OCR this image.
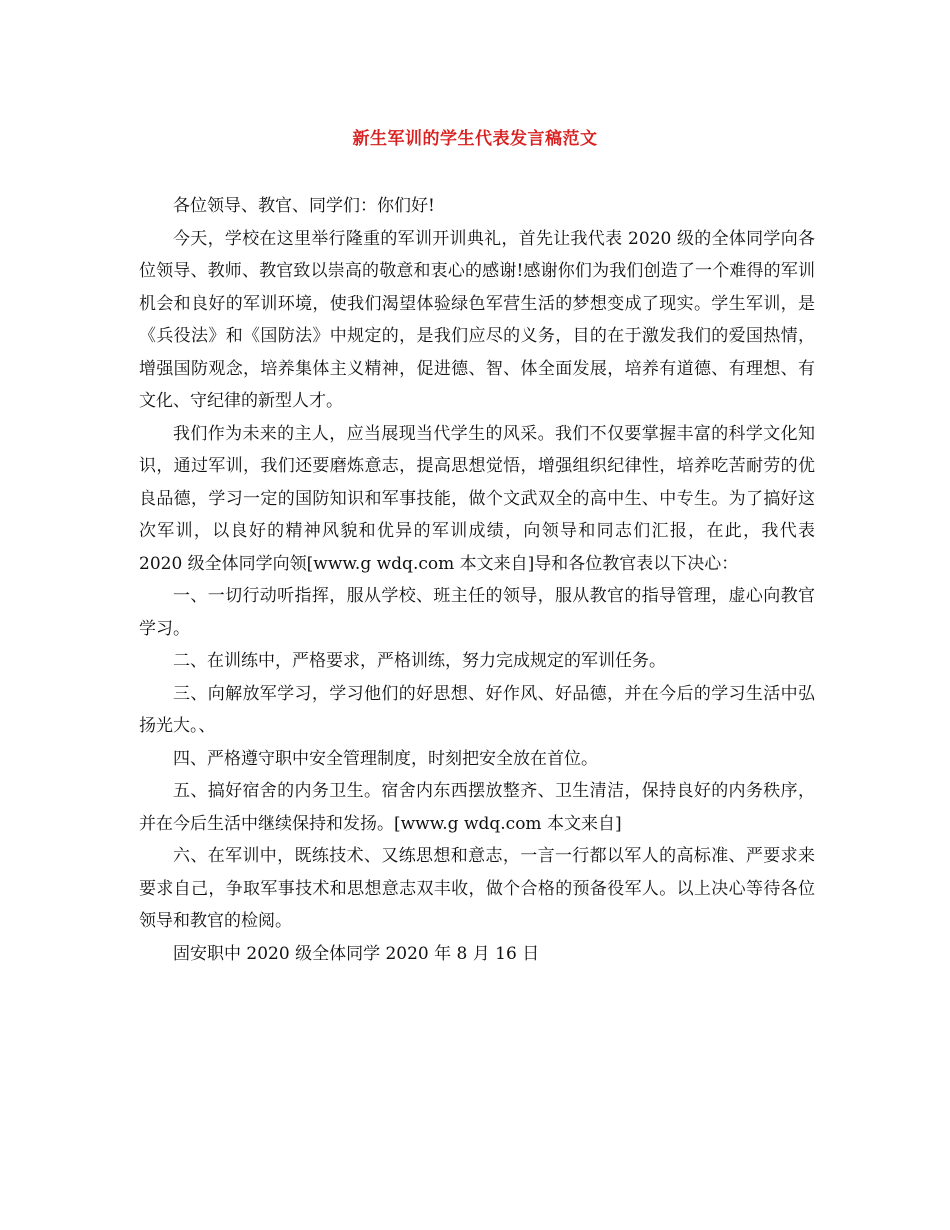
新生军训的学生代表发言稿范文

各位领导、教官、同学们：你们好!

今天，学校在这里举行隆重的军训开训典礼，首先让我代表 2020 级的全体同学向各位领导、教师、教官致以崇高的敬意和衷心的感谢!感谢你们为我们创造了一个难得的军训机会和良好的军训环境，使我们渴望体验绿色军营生活的梦想变成了现实。学生军训，是《兵役法》和《国防法》中规定的，是我们应尽的义务，目的在于激发我们的爱国热情，增强国防观念，培养集体主义精神，促进德、智、体全面发展，培养有道德、有理想、有文化、守纪律的新型人才。

我们作为未来的主人，应当展现当代学生的风采。我们不仅要掌握丰富的科学文化知识，通过军训，我们还要磨炼意志，提高思想觉悟，增强组织纪律性，培养吃苦耐劳的优良品德，学习一定的国防知识和军事技能，做个文武双全的高中生、中专生。为了搞好这次军训，以良好的精神风貌和优异的军训成绩，向领导和同志们汇报，在此，我代表 2020 级全体同学向领[www.g wdq.com 本文来自]导和各位教官表以下决心：

一、一切行动听指挥，服从学校、班主任的领导，服从教官的指导管理，虚心向教官学习。

二、在训练中，严格要求，严格训练，努力完成规定的军训任务。

三、向解放军学习，学习他们的好思想、好作风、好品德，并在今后的学习生活中弘扬光大。、

四、严格遵守职中安全管理制度，时刻把安全放在首位。

五、搞好宿舍的内务卫生。宿舍内东西摆放整齐、卫生清洁，保持良好的内务秩序，并在今后生活中继续保持和发扬。[www.g wdq.com 本文来自]

六、在军训中，既练技术、又练思想和意志，一言一行都以军人的高标准、严要求来要求自己，争取军事技术和思想意志双丰收，做个合格的预备役军人。以上决心等待各位领导和教官的检阅。

固安职中 2020 级全体同学 2020 年 8 月 16 日
